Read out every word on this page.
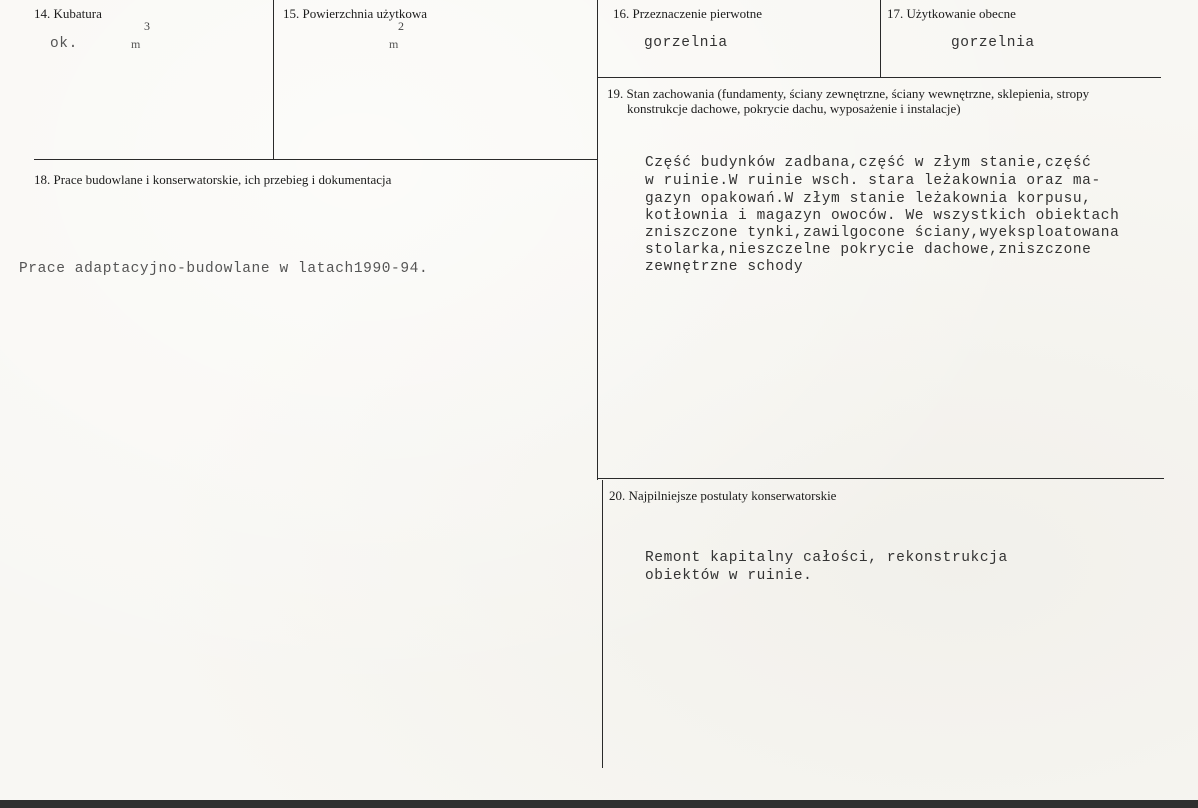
14. Kubatura
3
ok.	m
15. Powierzchnia użytkowa
2
m
16. Przeznaczenie pierwotne
gorzelnia
17. Użytkowanie obecne
gorzelnia
18. Prace budowlane i konserwatorskie, ich przebieg i dokumentacja
Prace adaptacyjno-budowlane w latach1990-94.
19. Stan zachowania (fundamenty, ściany zewnętrzne, ściany wewnętrzne, sklepienia, stropy
konstrukcje dachowe, pokrycie dachu, wyposażenie i instalacje)
Część budynków zadbana,część w złym stanie,część
w ruinie.W ruinie wsch. stara leżakownia oraz ma-
gazyn opakowań.W złym stanie leżakownia korpusu,
kotłownia i magazyn owoców. We wszystkich obiektach
zniszczone tynki,zawilgocone ściany,wyeksploatowana
stolarka,nieszczelne pokrycie dachowe,zniszczone
zewnętrzne schody
20. Najpilniejsze postulaty konserwatorskie
Remont kapitalny całości, rekonstrukcja
obiektów w ruinie.
